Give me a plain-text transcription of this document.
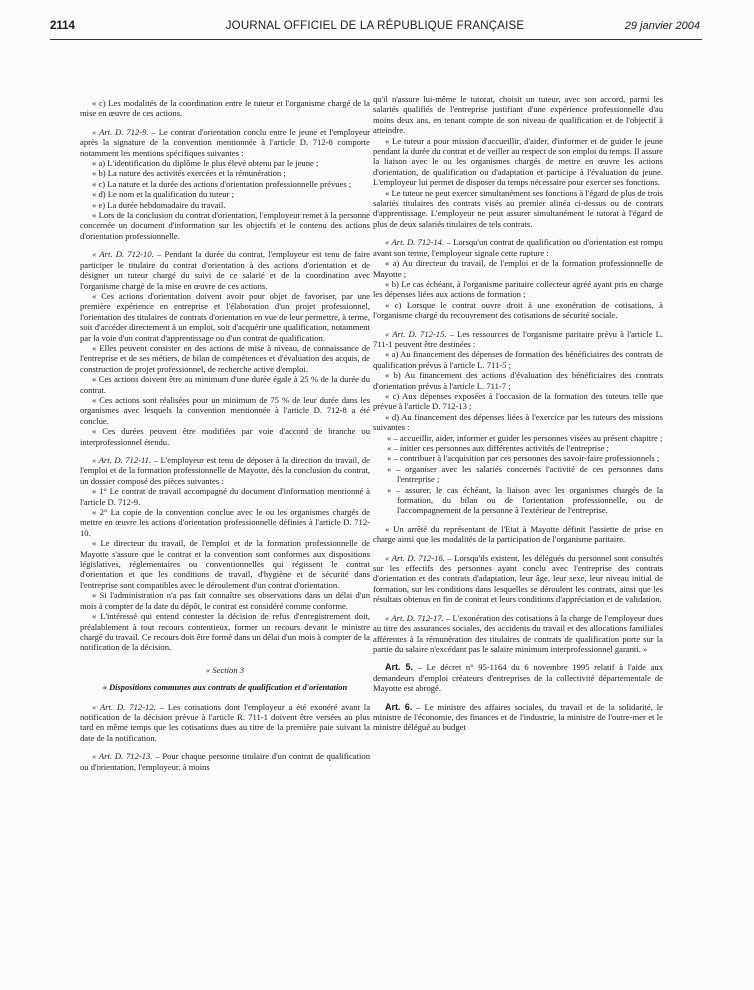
2114	JOURNAL OFFICIEL DE LA RÉPUBLIQUE FRANÇAISE	29 janvier 2004

« c) Les modalités de la coordination entre le tuteur et l'organisme chargé de la mise en œuvre de ces actions.

« Art. D. 712-9. – Le contrat d'orientation conclu entre le jeune et l'employeur après la signature de la convention mentionnée à l'article D. 712-8 comporte notamment les mentions spécifiques suivantes :

« a) L'identification du diplôme le plus élevé obtenu par le jeune ;

« b) La nature des activités exercées et la rémunération ;

« c) La nature et la durée des actions d'orientation professionnelle prévues ;

« d) Le nom et la qualification du tuteur ;

« e) La durée hebdomadaire du travail.

« Lors de la conclusion du contrat d'orientation, l'employeur remet à la personne concernée un document d'information sur les objectifs et le contenu des actions d'orientation professionnelle.

« Art. D. 712-10. – Pendant la durée du contrat, l'employeur est tenu de faire participer le titulaire du contrat d'orientation à des actions d'orientation et de désigner un tuteur chargé du suivi de ce salarié et de la coordination avec l'organisme chargé de la mise en œuvre de ces actions.

« Ces actions d'orientation doivent avoir pour objet de favoriser, par une première expérience en entreprise et l'élaboration d'un projet professionnel, l'orientation des titulaires de contrats d'orientation en vue de leur permettre, à terme, soit d'accéder directement à un emploi, soit d'acquérir une qualification, notamment par la voie d'un contrat d'apprentissage ou d'un contrat de qualification.

« Elles peuvent consister en des actions de mise à niveau, de connaissance de l'entreprise et de ses métiers, de bilan de compétences et d'évaluation des acquis, de construction de projet professionnel, de recherche active d'emploi.

« Ces actions doivent être au minimum d'une durée égale à 25 % de la durée du contrat.

« Ces actions sont réalisées pour un minimum de 75 % de leur durée dans les organismes avec lesquels la convention mentionnée à l'article D. 712-8 a été conclue.

« Ces durées peuvent être modifiées par voie d'accord de branche ou interprofessionnel étendu.

« Art. D. 712-11. – L'employeur est tenu de déposer à la direction du travail, de l'emploi et de la formation professionnelle de Mayotte, dès la conclusion du contrat, un dossier composé des pièces suivantes :

« 1° Le contrat de travail accompagné du document d'information mentionné à l'article D. 712-9.

« 2° La copie de la convention conclue avec le ou les organismes chargés de mettre en œuvre les actions d'orientation professionnelle définies à l'article D. 712-10.

« Le directeur du travail, de l'emploi et de la formation professionnelle de Mayotte s'assure que le contrat et la convention sont conformes aux dispositions législatives, réglementaires ou conventionnelles qui régissent le contrat d'orientation et que les conditions de travail, d'hygiène et de sécurité dans l'entreprise sont compatibles avec le déroulement d'un contrat d'orientation.

« Si l'administration n'a pas fait connaître ses observations dans un délai d'un mois à compter de la date du dépôt, le contrat est considéré comme conforme.

« L'intéressé qui entend contester la décision de refus d'enregistrement doit, préalablement à tout recours contentieux, former un recours devant le ministre chargé du travail. Ce recours doit être formé dans un délai d'un mois à compter de la notification de la décision.

« Section 3
« Dispositions communes aux contrats de qualification et d'orientation

« Art. D. 712-12. – Les cotisations dont l'employeur a été exonéré avant la notification de la décision prévue à l'article R. 711-1 doivent être versées au plus tard en même temps que les cotisations dues au titre de la première paie suivant la date de la notification.

« Art. D. 712-13. – Pour chaque personne titulaire d'un contrat de qualification ou d'orientation, l'employeur, à moins

qu'il n'assure lui-même le tutorat, choisit un tuteur, avec son accord, parmi les salariés qualifiés de l'entreprise justifiant d'une expérience professionnelle d'au moins deux ans, en tenant compte de son niveau de qualification et de l'objectif à atteindre.

« Le tuteur a pour mission d'accueillir, d'aider, d'informer et de guider le jeune pendant la durée du contrat et de veiller au respect de son emploi du temps. Il assure la liaison avec le ou les organismes chargés de mettre en œuvre les actions d'orientation, de qualification ou d'adaptation et participe à l'évaluation du jeune. L'employeur lui permet de disposer du temps nécessaire pour exercer ses fonctions.

« Le tuteur ne peut exercer simultanément ses fonctions à l'égard de plus de trois salariés titulaires des contrats visés au premier alinéa ci-dessus ou de contrats d'apprentissage. L'employeur ne peut assurer simultanément le tutorat à l'égard de plus de deux salariés titulaires de tels contrats.

« Art. D. 712-14. – Lorsqu'un contrat de qualification ou d'orientation est rompu avant son terme, l'employeur signale cette rupture :

« a) Au directeur du travail, de l'emploi et de la formation professionnelle de Mayotte ;

« b) Le cas échéant, à l'organisme paritaire collecteur agréé ayant pris en charge les dépenses liées aux actions de formation ;

« c) Lorsque le contrat ouvre droit à une exonération de cotisations, à l'organisme chargé du recouvrement des cotisations de sécurité sociale.

« Art. D. 712-15. – Les ressources de l'organisme paritaire prévu à l'article L. 711-1 peuvent être destinées :

« a) Au financement des dépenses de formation des bénéficiaires des contrats de qualification prévus à l'article L. 711-5 ;

« b) Au financement des actions d'évaluation des bénéficiaires des contrats d'orientation prévus à l'article L. 711-7 ;

« c) Aux dépenses exposées à l'occasion de la formation des tuteurs telle que prévue à l'article D. 712-13 ;

« d) Au financement des dépenses liées à l'exercice par les tuteurs des missions suivantes :

« – accueillir, aider, informer et guider les personnes visées au présent chapitre ;

« – initier ces personnes aux différentes activités de l'entreprise ;

« – contribuer à l'acquisition par ces personnes des savoir-faire professionnels ;

« – organiser avec les salariés concernés l'activité de ces personnes dans l'entreprise ;

« – assurer, le cas échéant, la liaison avec les organismes chargés de la formation, du bilan ou de l'orientation professionnelle, ou de l'accompagnement de la personne à l'extérieur de l'entreprise.

« Un arrêté du représentant de l'Etat à Mayotte définit l'assiette de prise en charge ainsi que les modalités de la participation de l'organisme paritaire.

« Art. D. 712-16. – Lorsqu'ils existent, les délégués du personnel sont consultés sur les effectifs des personnes ayant conclu avec l'entreprise des contrats d'orientation et des contrats d'adaptation, leur âge, leur sexe, leur niveau initial de formation, sur les conditions dans lesquelles se déroulent les contrats, ainsi que les résultats obtenus en fin de contrat et leurs conditions d'appréciation et de validation.

« Art. D. 712-17. – L'exonération des cotisations à la charge de l'employeur dues au titre des assurances sociales, des accidents du travail et des allocations familiales afférentes à la rémunération des titulaires de contrats de qualification porte sur la partie du salaire n'excédant pas le salaire minimum interprofessionnel garanti. »

Art. 5. – Le décret n° 95-1164 du 6 novembre 1995 relatif à l'aide aux demandeurs d'emploi créateurs d'entreprises de la collectivité départementale de Mayotte est abrogé.

Art. 6. – Le ministre des affaires sociales, du travail et de la solidarité, le ministre de l'économie, des finances et de l'industrie, la ministre de l'outre-mer et le ministre délégué au budget
